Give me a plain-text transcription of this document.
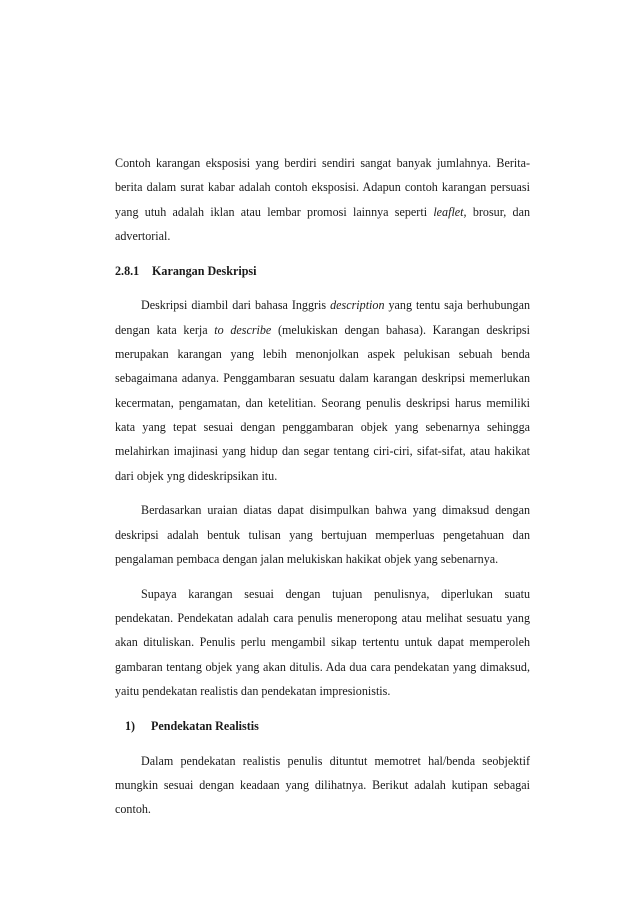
Contoh karangan eksposisi yang berdiri sendiri sangat banyak jumlahnya. Berita-berita dalam surat kabar adalah contoh eksposisi. Adapun contoh karangan persuasi yang utuh adalah iklan atau lembar promosi lainnya seperti leaflet, brosur, dan advertorial.

2.8.1 Karangan Deskripsi

Deskripsi diambil dari bahasa Inggris description yang tentu saja berhubungan dengan kata kerja to describe (melukiskan dengan bahasa). Karangan deskripsi merupakan karangan yang lebih menonjolkan aspek pelukisan sebuah benda sebagaimana adanya. Penggambaran sesuatu dalam karangan deskripsi memerlukan kecermatan, pengamatan, dan ketelitian. Seorang penulis deskripsi harus memiliki kata yang tepat sesuai dengan penggambaran objek yang sebenarnya sehingga melahirkan imajinasi yang hidup dan segar tentang ciri-ciri, sifat-sifat, atau hakikat dari objek yng dideskripsikan itu.

Berdasarkan uraian diatas dapat disimpulkan bahwa yang dimaksud dengan deskripsi adalah bentuk tulisan yang bertujuan memperluas pengetahuan dan pengalaman pembaca dengan jalan melukiskan hakikat objek yang sebenarnya.

Supaya karangan sesuai dengan tujuan penulisnya, diperlukan suatu pendekatan. Pendekatan adalah cara penulis meneropong atau melihat sesuatu yang akan dituliskan. Penulis perlu mengambil sikap tertentu untuk dapat memperoleh gambaran tentang objek yang akan ditulis. Ada dua cara pendekatan yang dimaksud, yaitu pendekatan realistis dan pendekatan impresionistis.

1) Pendekatan Realistis

Dalam pendekatan realistis penulis dituntut memotret hal/benda seobjektif mungkin sesuai dengan keadaan yang dilihatnya. Berikut adalah kutipan sebagai contoh.
